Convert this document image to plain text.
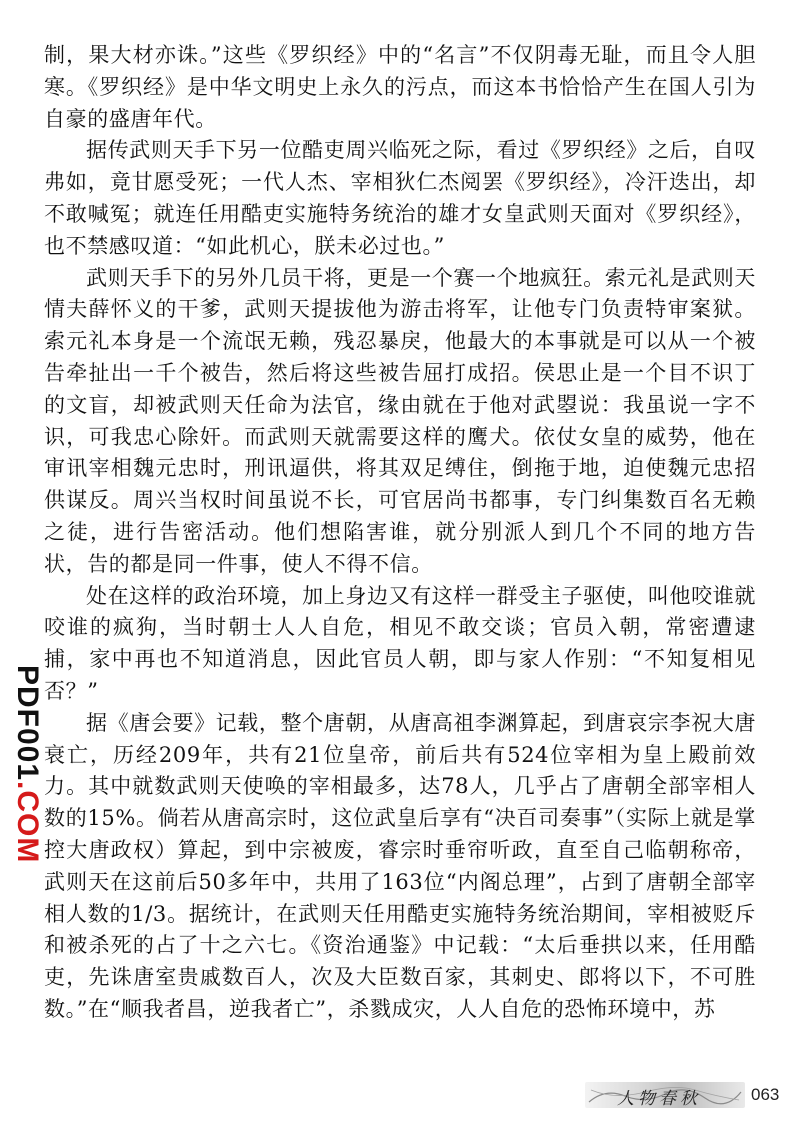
制，果大材亦诛。”这些《罗织经》中的“名言”不仅阴毒无耻，而且令人胆寒。《罗织经》是中华文明史上永久的污点，而这本书恰恰产生在国人引为自豪的盛唐年代。

据传武则天手下另一位酷吏周兴临死之际，看过《罗织经》之后，自叹弗如，竟甘愿受死；一代人杰、宰相狄仁杰阅罢《罗织经》，冷汗迭出，却不敢喊冤；就连任用酷吏实施特务统治的雄才女皇武则天面对《罗织经》，也不禁感叹道：“如此机心，朕未必过也。”

武则天手下的另外几员干将，更是一个赛一个地疯狂。索元礼是武则天情夫薛怀义的干爹，武则天提拔他为游击将军，让他专门负责特审案狱。索元礼本身是一个流氓无赖，残忍暴戾，他最大的本事就是可以从一个被告牵扯出一千个被告，然后将这些被告屈打成招。侯思止是一个目不识丁的文盲，却被武则天任命为法官，缘由就在于他对武曌说：我虽说一字不识，可我忠心除奸。而武则天就需要这样的鹰犬。依仗女皇的威势，他在审讯宰相魏元忠时，刑讯逼供，将其双足缚住，倒拖于地，迫使魏元忠招供谋反。周兴当权时间虽说不长，可官居尚书都事，专门纠集数百名无赖之徒，进行告密活动。他们想陷害谁，就分别派人到几个不同的地方告状，告的都是同一件事，使人不得不信。

处在这样的政治环境，加上身边又有这样一群受主子驱使，叫他咬谁就咬谁的疯狗，当时朝士人人自危，相见不敢交谈；官员入朝，常密遭逮捕，家中再也不知道消息，因此官员人朝，即与家人作别：“不知复相见否？”

据《唐会要》记载，整个唐朝，从唐高祖李渊算起，到唐哀宗李祝大唐衰亡，历经209年，共有21位皇帝，前后共有524位宰相为皇上殿前效力。其中就数武则天使唤的宰相最多，达78人，几乎占了唐朝全部宰相人数的15%。倘若从唐高宗时，这位武皇后享有“决百司奏事”（实际上就是掌控大唐政权）算起，到中宗被废，睿宗时垂帘听政，直至自己临朝称帝，武则天在这前后50多年中，共用了163位“内阁总理”，占到了唐朝全部宰相人数的1/3。据统计，在武则天任用酷吏实施特务统治期间，宰相被贬斥和被杀死的占了十之六七。《资治通鉴》中记载：“太后垂拱以来，任用酷吏，先诛唐室贵戚数百人，次及大臣数百家，其刺史、郎将以下，不可胜数。”在“顺我者昌，逆我者亡”，杀戮成灾，人人自危的恐怖环境中，苏

PDF001
.COM
人物春秋	063
